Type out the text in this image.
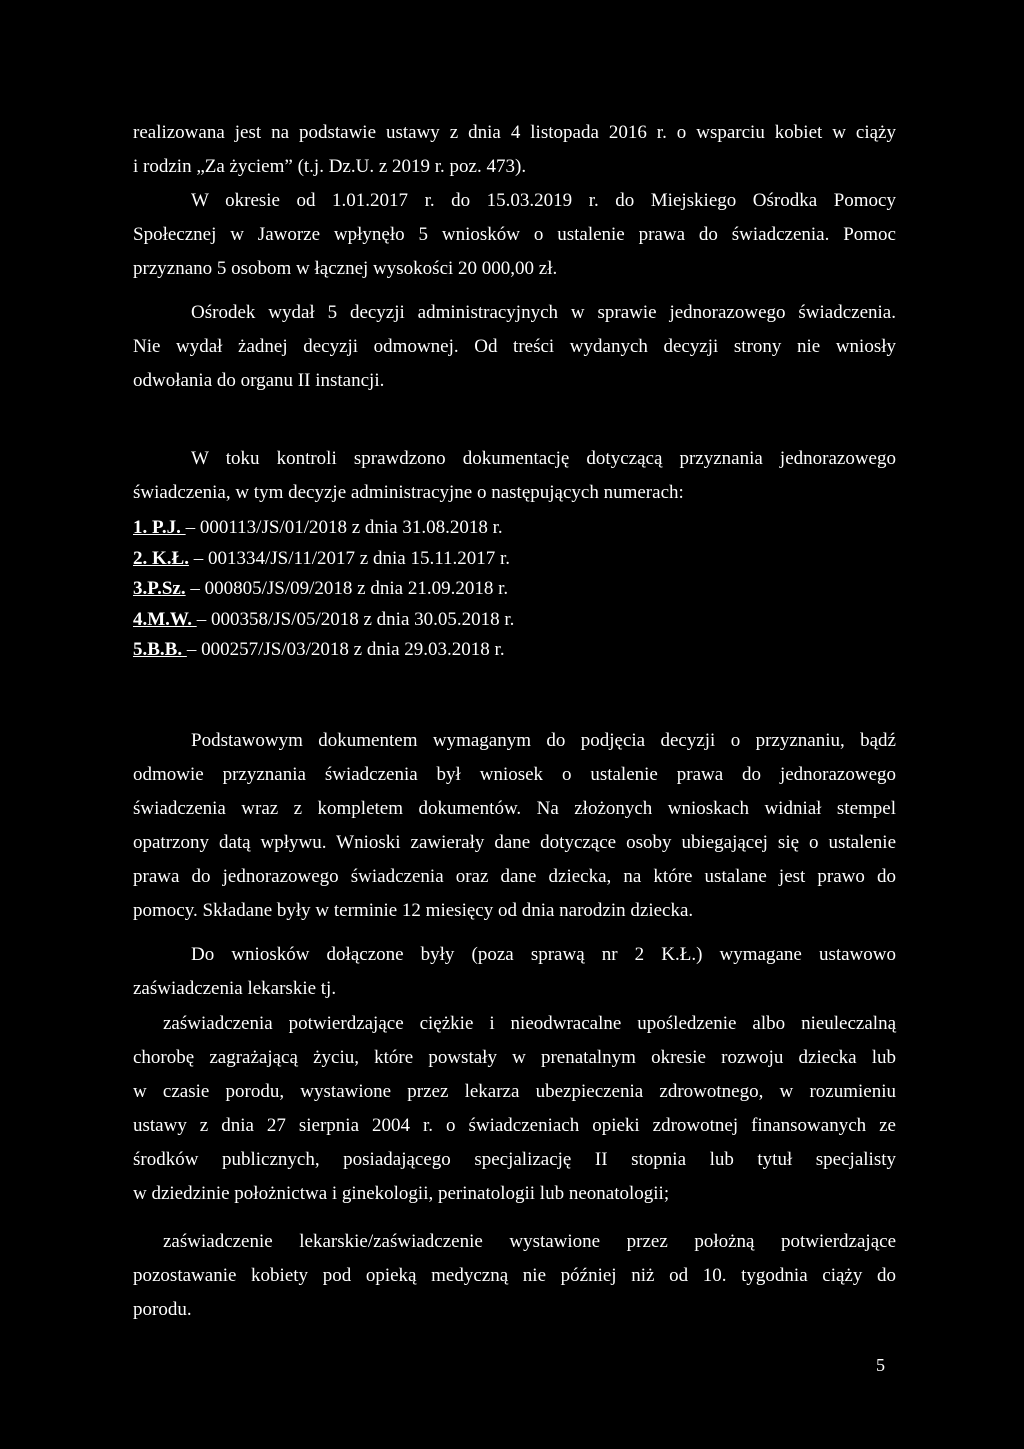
realizowana jest na podstawie ustawy z dnia 4 listopada 2016 r. o wsparciu kobiet w ciąży
i rodzin „Za życiem” (t.j. Dz.U. z 2019 r. poz. 473).

W okresie od 1.01.2017 r. do 15.03.2019 r. do Miejskiego Ośrodka Pomocy
Społecznej w Jaworze wpłynęło 5 wniosków o ustalenie prawa do świadczenia. Pomoc
przyznano 5 osobom w łącznej wysokości 20 000,00 zł.

Ośrodek wydał 5 decyzji administracyjnych w sprawie jednorazowego świadczenia.
Nie wydał żadnej decyzji odmownej. Od treści wydanych decyzji strony nie wniosły
odwołania do organu II instancji.

W toku kontroli sprawdzono dokumentację dotyczącą przyznania jednorazowego
świadczenia, w tym decyzje administracyjne o następujących numerach:

1. P.J. – 000113/JS/01/2018 z dnia 31.08.2018 r.
2. K.Ł. – 001334/JS/11/2017 z dnia 15.11.2017 r.
3.P.Sz. – 000805/JS/09/2018 z dnia 21.09.2018 r.
4.M.W. – 000358/JS/05/2018 z dnia 30.05.2018 r.
5.B.B. – 000257/JS/03/2018 z dnia 29.03.2018 r.

Podstawowym dokumentem wymaganym do podjęcia decyzji o przyznaniu, bądź
odmowie przyznania świadczenia był wniosek o ustalenie prawa do jednorazowego
świadczenia wraz z kompletem dokumentów. Na złożonych wnioskach widniał stempel
opatrzony datą wpływu. Wnioski zawierały dane dotyczące osoby ubiegającej się o ustalenie
prawa do jednorazowego świadczenia oraz dane dziecka, na które ustalane jest prawo do
pomocy. Składane były w terminie 12 miesięcy od dnia narodzin dziecka.

Do wniosków dołączone były (poza sprawą nr 2 K.Ł.) wymagane ustawowo
zaświadczenia lekarskie tj.

zaświadczenia potwierdzające ciężkie i nieodwracalne upośledzenie albo nieuleczalną
chorobę zagrażającą życiu, które powstały w prenatalnym okresie rozwoju dziecka lub
w czasie porodu, wystawione przez lekarza ubezpieczenia zdrowotnego, w rozumieniu
ustawy z dnia 27 sierpnia 2004 r. o świadczeniach opieki zdrowotnej finansowanych ze
środków publicznych, posiadającego specjalizację II stopnia lub tytuł specjalisty
w dziedzinie położnictwa i ginekologii, perinatologii lub neonatologii;

zaświadczenie lekarskie/zaświadczenie wystawione przez położną potwierdzające
pozostawanie kobiety pod opieką medyczną nie później niż od 10. tygodnia ciąży do
porodu.

5
